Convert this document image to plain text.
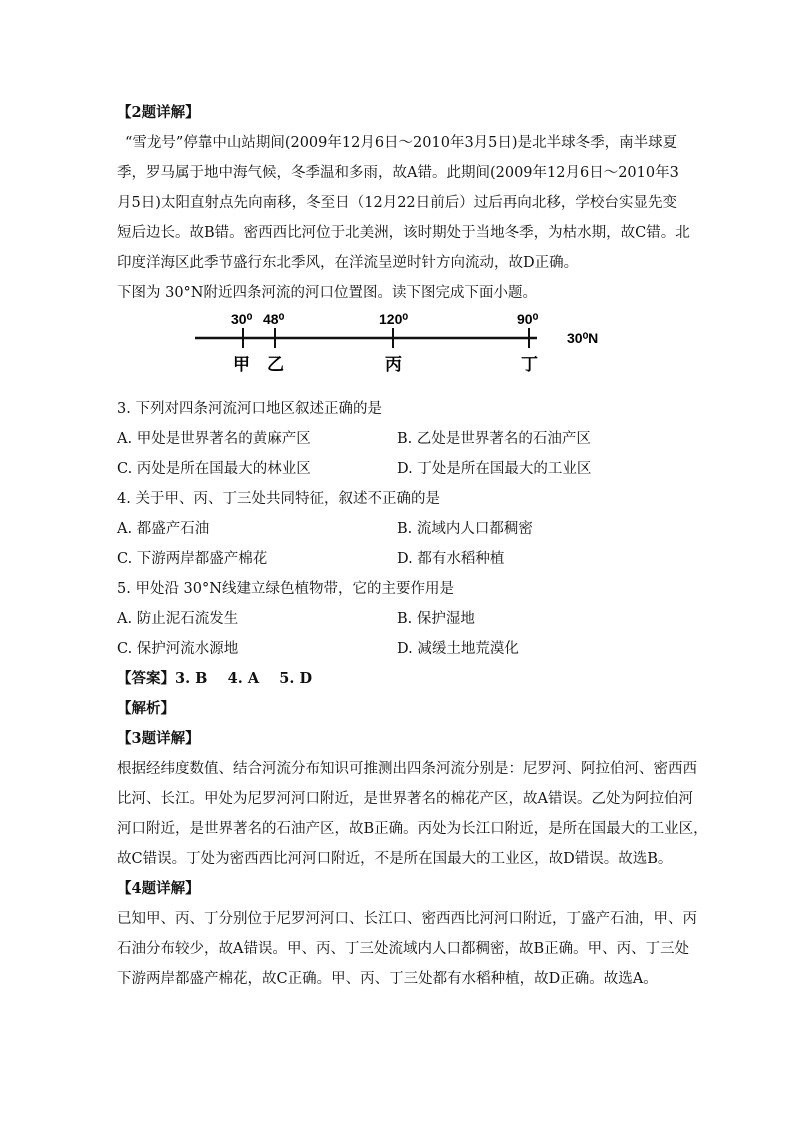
【2题详解】
“雪龙号”停靠中山站期间(2009年12月6日～2010年3月5日)是北半球冬季，南半球夏
季，罗马属于地中海气候，冬季温和多雨，故A错。此期间(2009年12月6日～2010年3
月5日)太阳直射点先向南移，冬至日（12月22日前后）过后再向北移，学校台实显先变
短后边长。故B错。密西西比河位于北美洲，该时期处于当地冬季，为枯水期，故C错。北
印度洋海区此季节盛行东北季风，在洋流呈逆时针方向流动，故D正确。
下图为 30°N附近四条河流的河口位置图。读下图完成下面小题。
30⁰ 48⁰	120⁰	90⁰
30⁰N
甲 乙	丙	丁
3. 下列对四条河流河口地区叙述正确的是
A. 甲处是世界著名的黄麻产区	B. 乙处是世界著名的石油产区
C. 丙处是所在国最大的林业区	D. 丁处是所在国最大的工业区
4. 关于甲、丙、丁三处共同特征，叙述不正确的是
A. 都盛产石油	B. 流域内人口都稠密
C. 下游两岸都盛产棉花	D. 都有水稻种植
5. 甲处沿 30°N线建立绿色植物带，它的主要作用是
A. 防止泥石流发生	B. 保护湿地
C. 保护河流水源地	D. 减缓土地荒漠化
【答案】3. B    4. A    5. D
【解析】
【3题详解】
根据经纬度数值、结合河流分布知识可推测出四条河流分别是：尼罗河、阿拉伯河、密西西
比河、长江。甲处为尼罗河河口附近，是世界著名的棉花产区，故A错误。乙处为阿拉伯河
河口附近，是世界著名的石油产区，故B正确。丙处为长江口附近，是所在国最大的工业区，
故C错误。丁处为密西西比河河口附近，不是所在国最大的工业区，故D错误。故选B。
【4题详解】
已知甲、丙、丁分别位于尼罗河河口、长江口、密西西比河河口附近，丁盛产石油，甲、丙
石油分布较少，故A错误。甲、丙、丁三处流域内人口都稠密，故B正确。甲、丙、丁三处
下游两岸都盛产棉花，故C正确。甲、丙、丁三处都有水稻种植，故D正确。故选A。
